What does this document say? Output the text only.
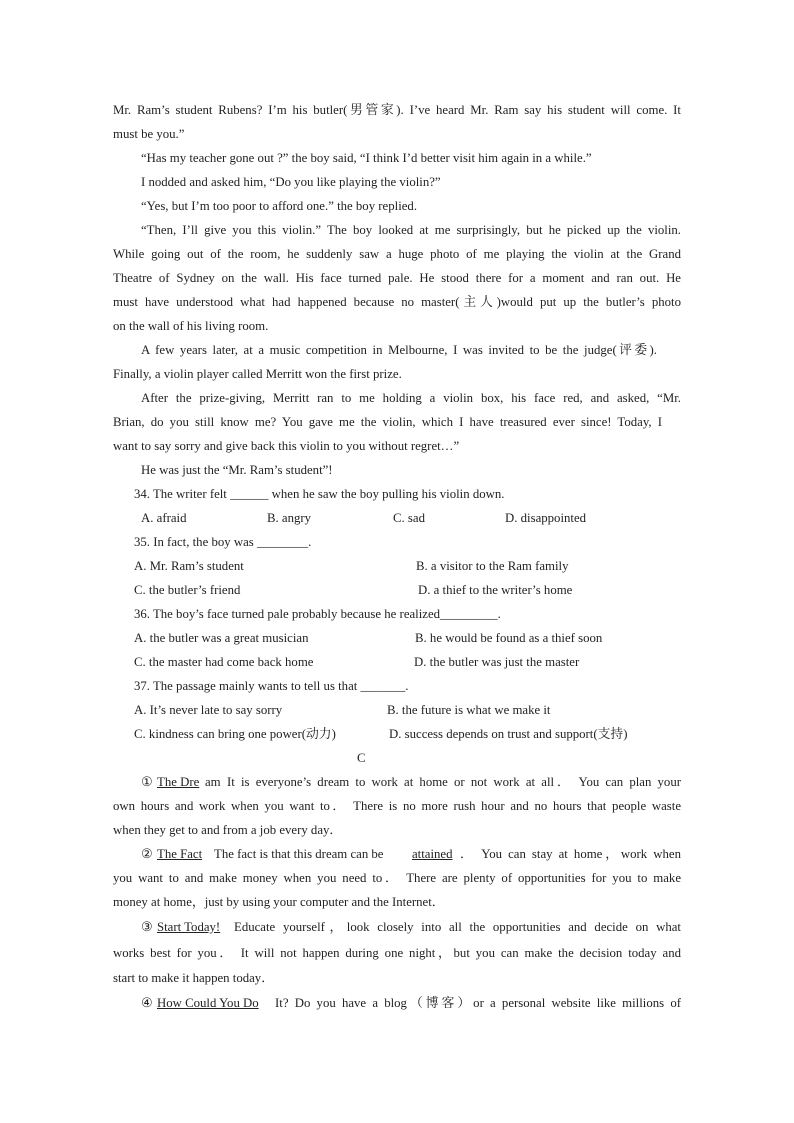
Mr. Ram’s student Rubens? I’m his butler(男管家). I’ve heard Mr. Ram say his student will come. It
must be you.”
“Has my teacher gone out ?” the boy said, “I think I’d better visit him again in a while.”
I nodded and asked him, “Do you like playing the violin?”
“Yes, but I’m too poor to afford one.” the boy replied.
“Then, I’ll give you this violin.” The boy looked at me surprisingly, but he picked up the violin.
While going out of the room, he suddenly saw a huge photo of me playing the violin at the Grand
Theatre of Sydney on the wall. His face turned pale. He stood there for a moment and ran out. He
must have understood what had happened because no master(主人)would put up the butler’s photo
on the wall of his living room.
A few years later, at a music competition in Melbourne, I was invited to be the judge(评委).
Finally, a violin player called Merritt won the first prize.
After the prize-giving, Merritt ran to me holding a violin box, his face red, and asked, “Mr.
Brian, do you still know me? You gave me the violin, which I have treasured ever since! Today, I
want to say sorry and give back this violin to you without regret…”
He was just the “Mr. Ram’s student”!
34. The writer felt ______ when he saw the boy pulling his violin down.
A. afraid	B. angry	C. sad	D. disappointed
35. In fact, the boy was ________.
A. Mr. Ram’s student	B. a visitor to the Ram family
C. the butler’s friend	D. a thief to the writer’s home
36. The boy’s face turned pale probably because he realized_________.
A. the butler was a great musician	B. he would be found as a thief soon
C. the master had come back home	D. the butler was just the master
37. The passage mainly wants to tell us that _______.
A. It’s never late to say sorry	B. the future is what we make it
C. kindness can bring one power(动力)	D. success depends on trust and support(支持)
C
① The Dre am It is everyone’s dream to work at home or not work at all． You can plan your
own hours and work when you want to． There is no more rush hour and no hours that people waste
when they get to and from a job every day．
② The Fact The fact is that this dream can be attained ． You can stay at home，work when
you want to and make money when you need to． There are plenty of opportunities for you to make
money at home，just by using your computer and the Internet．
③ Start Today! Educate yourself，look closely into all the opportunities and decide on what
works best for you． It will not happen during one night，but you can make the decision today and
start to make it happen today．
④ How Could You Do It? Do you have a blog（博客）or a personal website like millions of
